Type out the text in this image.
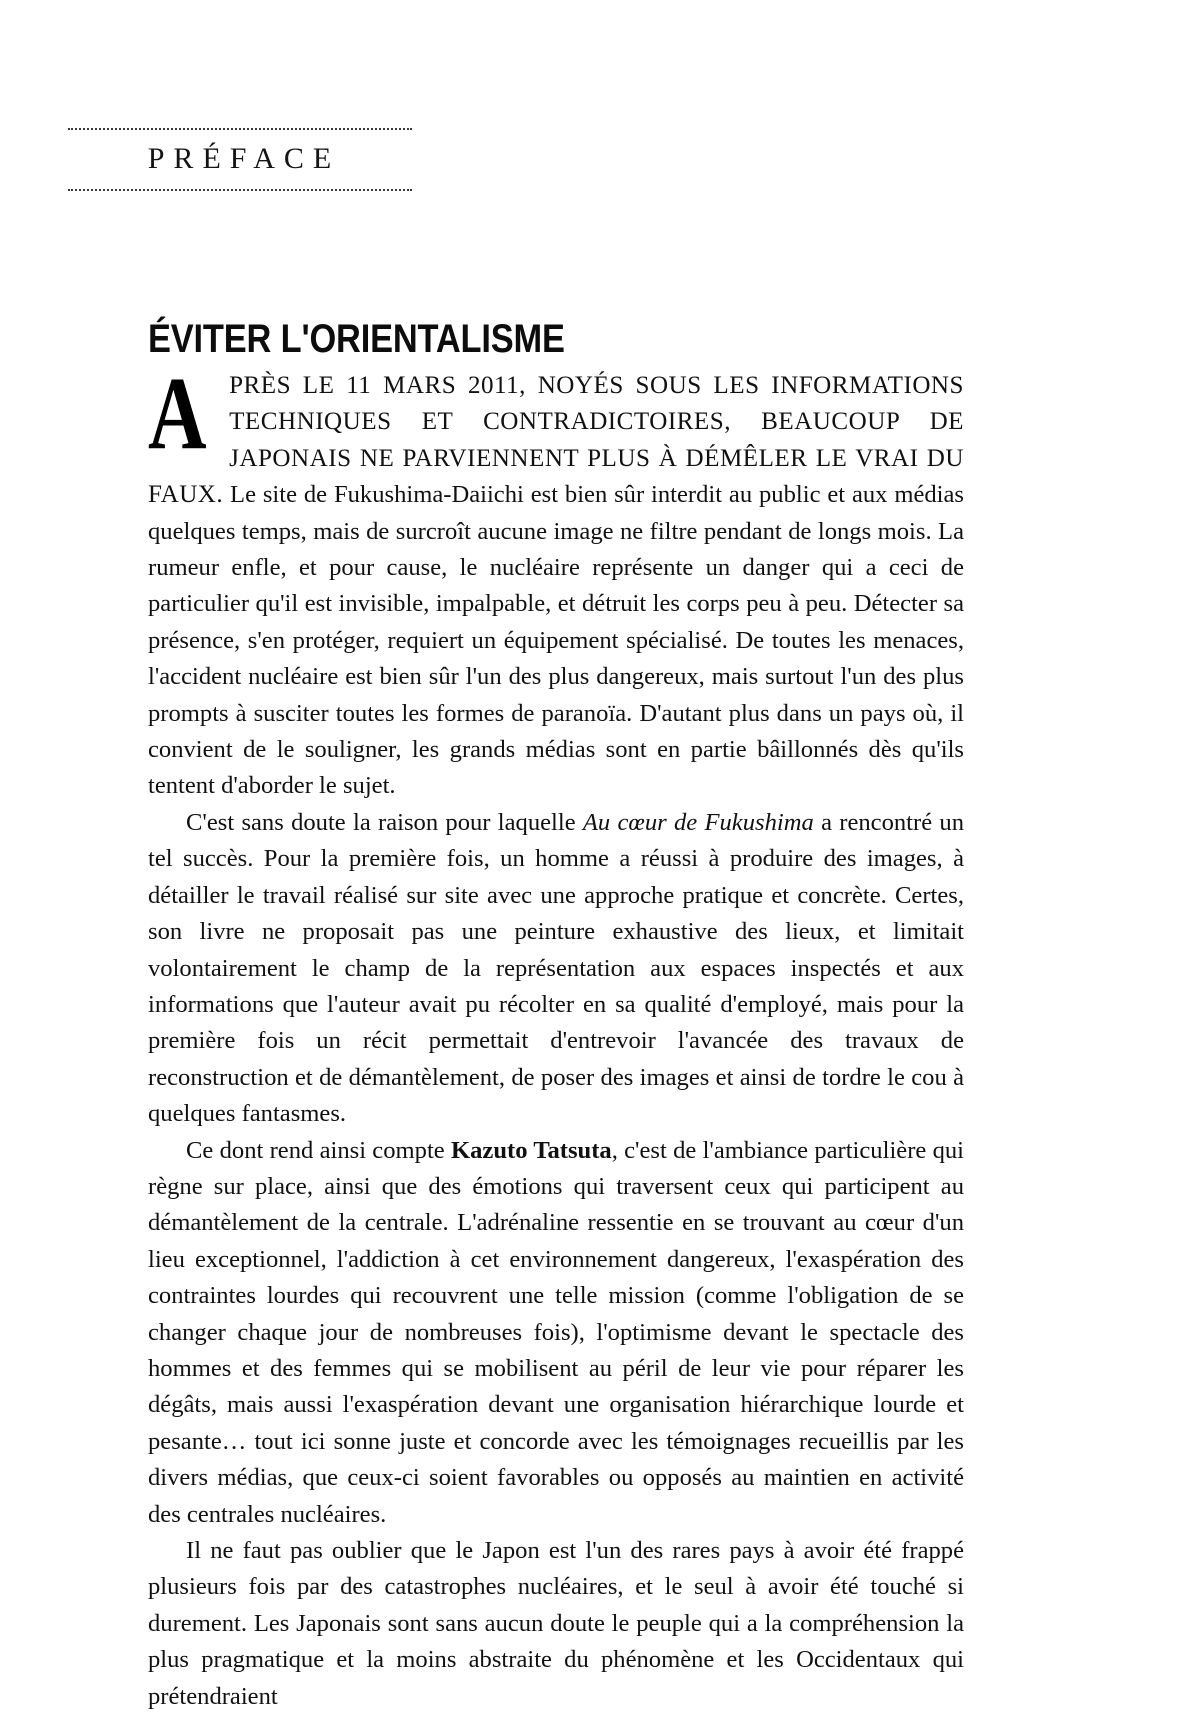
PRÉFACE
ÉVITER L'ORIENTALISME

APRÈS LE 11 MARS 2011, NOYÉS SOUS LES INFORMATIONS TECHNIQUES ET CONTRADICTOIRES, BEAUCOUP DE JAPONAIS NE PARVIENNENT PLUS À DÉMÊLER LE VRAI DU FAUX. Le site de Fukushima-Daiichi est bien sûr interdit au public et aux médias quelques temps, mais de surcroît aucune image ne filtre pendant de longs mois. La rumeur enfle, et pour cause, le nucléaire représente un danger qui a ceci de particulier qu'il est invisible, impalpable, et détruit les corps peu à peu. Détecter sa présence, s'en protéger, requiert un équipement spécialisé. De toutes les menaces, l'accident nucléaire est bien sûr l'un des plus dangereux, mais surtout l'un des plus prompts à susciter toutes les formes de paranoïa. D'autant plus dans un pays où, il convient de le souligner, les grands médias sont en partie bâillonnés dès qu'ils tentent d'aborder le sujet.

C'est sans doute la raison pour laquelle Au cœur de Fukushima a rencontré un tel succès. Pour la première fois, un homme a réussi à produire des images, à détailler le travail réalisé sur site avec une approche pratique et concrète. Certes, son livre ne proposait pas une peinture exhaustive des lieux, et limitait volontairement le champ de la représentation aux espaces inspectés et aux informations que l'auteur avait pu récolter en sa qualité d'employé, mais pour la première fois un récit permettait d'entrevoir l'avancée des travaux de reconstruction et de démantèlement, de poser des images et ainsi de tordre le cou à quelques fantasmes.

Ce dont rend ainsi compte Kazuto Tatsuta, c'est de l'ambiance particulière qui règne sur place, ainsi que des émotions qui traversent ceux qui participent au démantèlement de la centrale. L'adrénaline ressentie en se trouvant au cœur d'un lieu exceptionnel, l'addiction à cet environnement dangereux, l'exaspération des contraintes lourdes qui recouvrent une telle mission (comme l'obligation de se changer chaque jour de nombreuses fois), l'optimisme devant le spectacle des hommes et des femmes qui se mobilisent au péril de leur vie pour réparer les dégâts, mais aussi l'exaspération devant une organisation hiérarchique lourde et pesante… tout ici sonne juste et concorde avec les témoignages recueillis par les divers médias, que ceux-ci soient favorables ou opposés au maintien en activité des centrales nucléaires.

Il ne faut pas oublier que le Japon est l'un des rares pays à avoir été frappé plusieurs fois par des catastrophes nucléaires, et le seul à avoir été touché si durement. Les Japonais sont sans aucun doute le peuple qui a la compréhension la plus pragmatique et la moins abstraite du phénomène et les Occidentaux qui prétendraient
